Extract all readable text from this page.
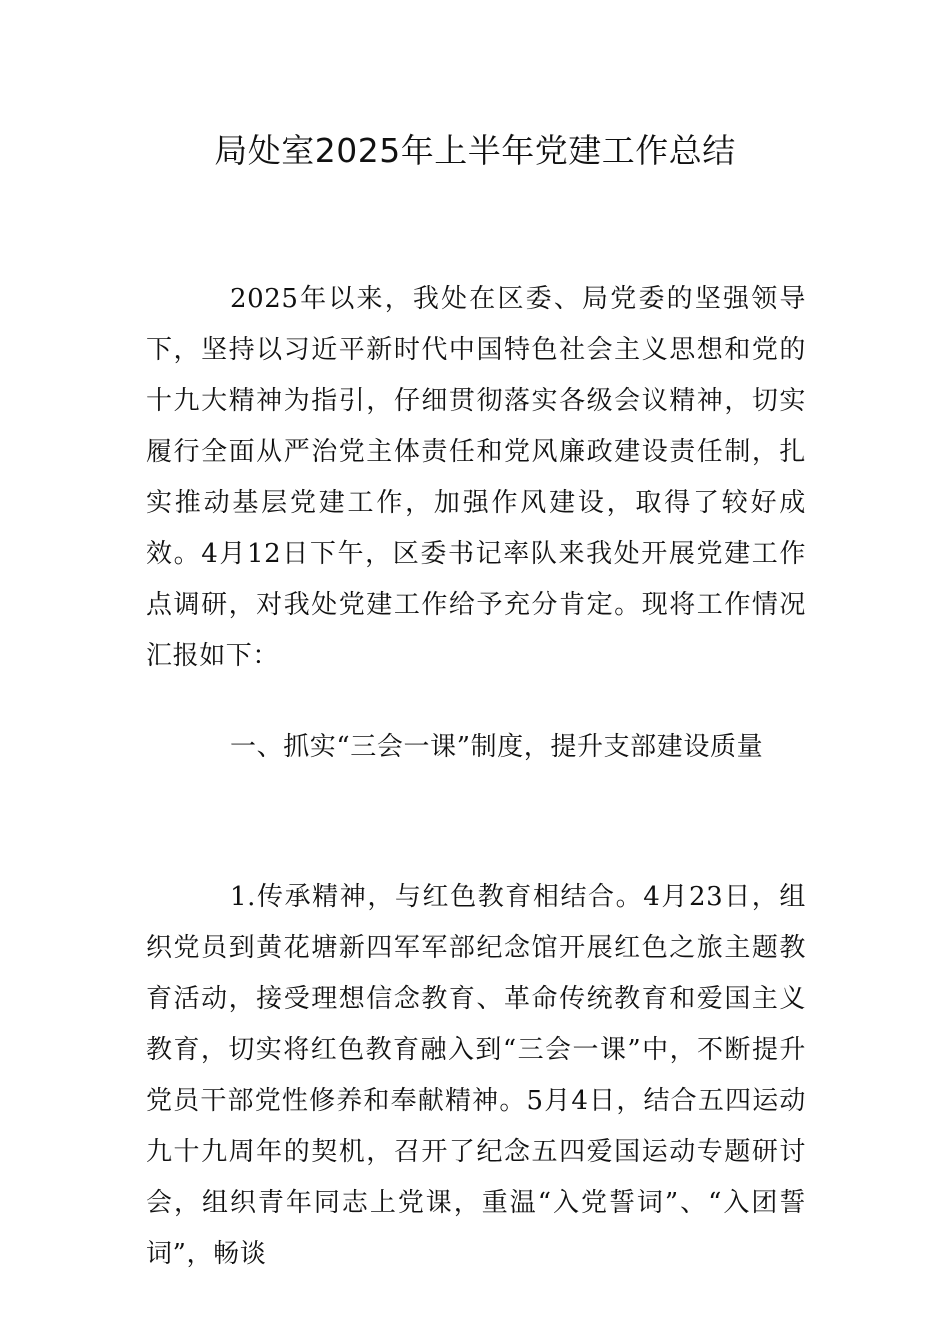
局处室2025年上半年党建工作总结

2025年以来，我处在区委、局党委的坚强领导下，坚持以习近平新时代中国特色社会主义思想和党的十九大精神为指引，仔细贯彻落实各级会议精神，切实履行全面从严治党主体责任和党风廉政建设责任制，扎实推动基层党建工作，加强作风建设，取得了较好成效。4月12日下午，区委书记率队来我处开展党建工作点调研，对我处党建工作给予充分肯定。现将工作情况汇报如下：

一、抓实“三会一课”制度，提升支部建设质量

1.传承精神，与红色教育相结合。4月23日，组织党员到黄花塘新四军军部纪念馆开展红色之旅主题教育活动，接受理想信念教育、革命传统教育和爱国主义教育，切实将红色教育融入到“三会一课”中，不断提升党员干部党性修养和奉献精神。5月4日，结合五四运动九十九周年的契机，召开了纪念五四爱国运动专题研讨会，组织青年同志上党课，重温“入党誓词”、“入团誓词”，畅谈
